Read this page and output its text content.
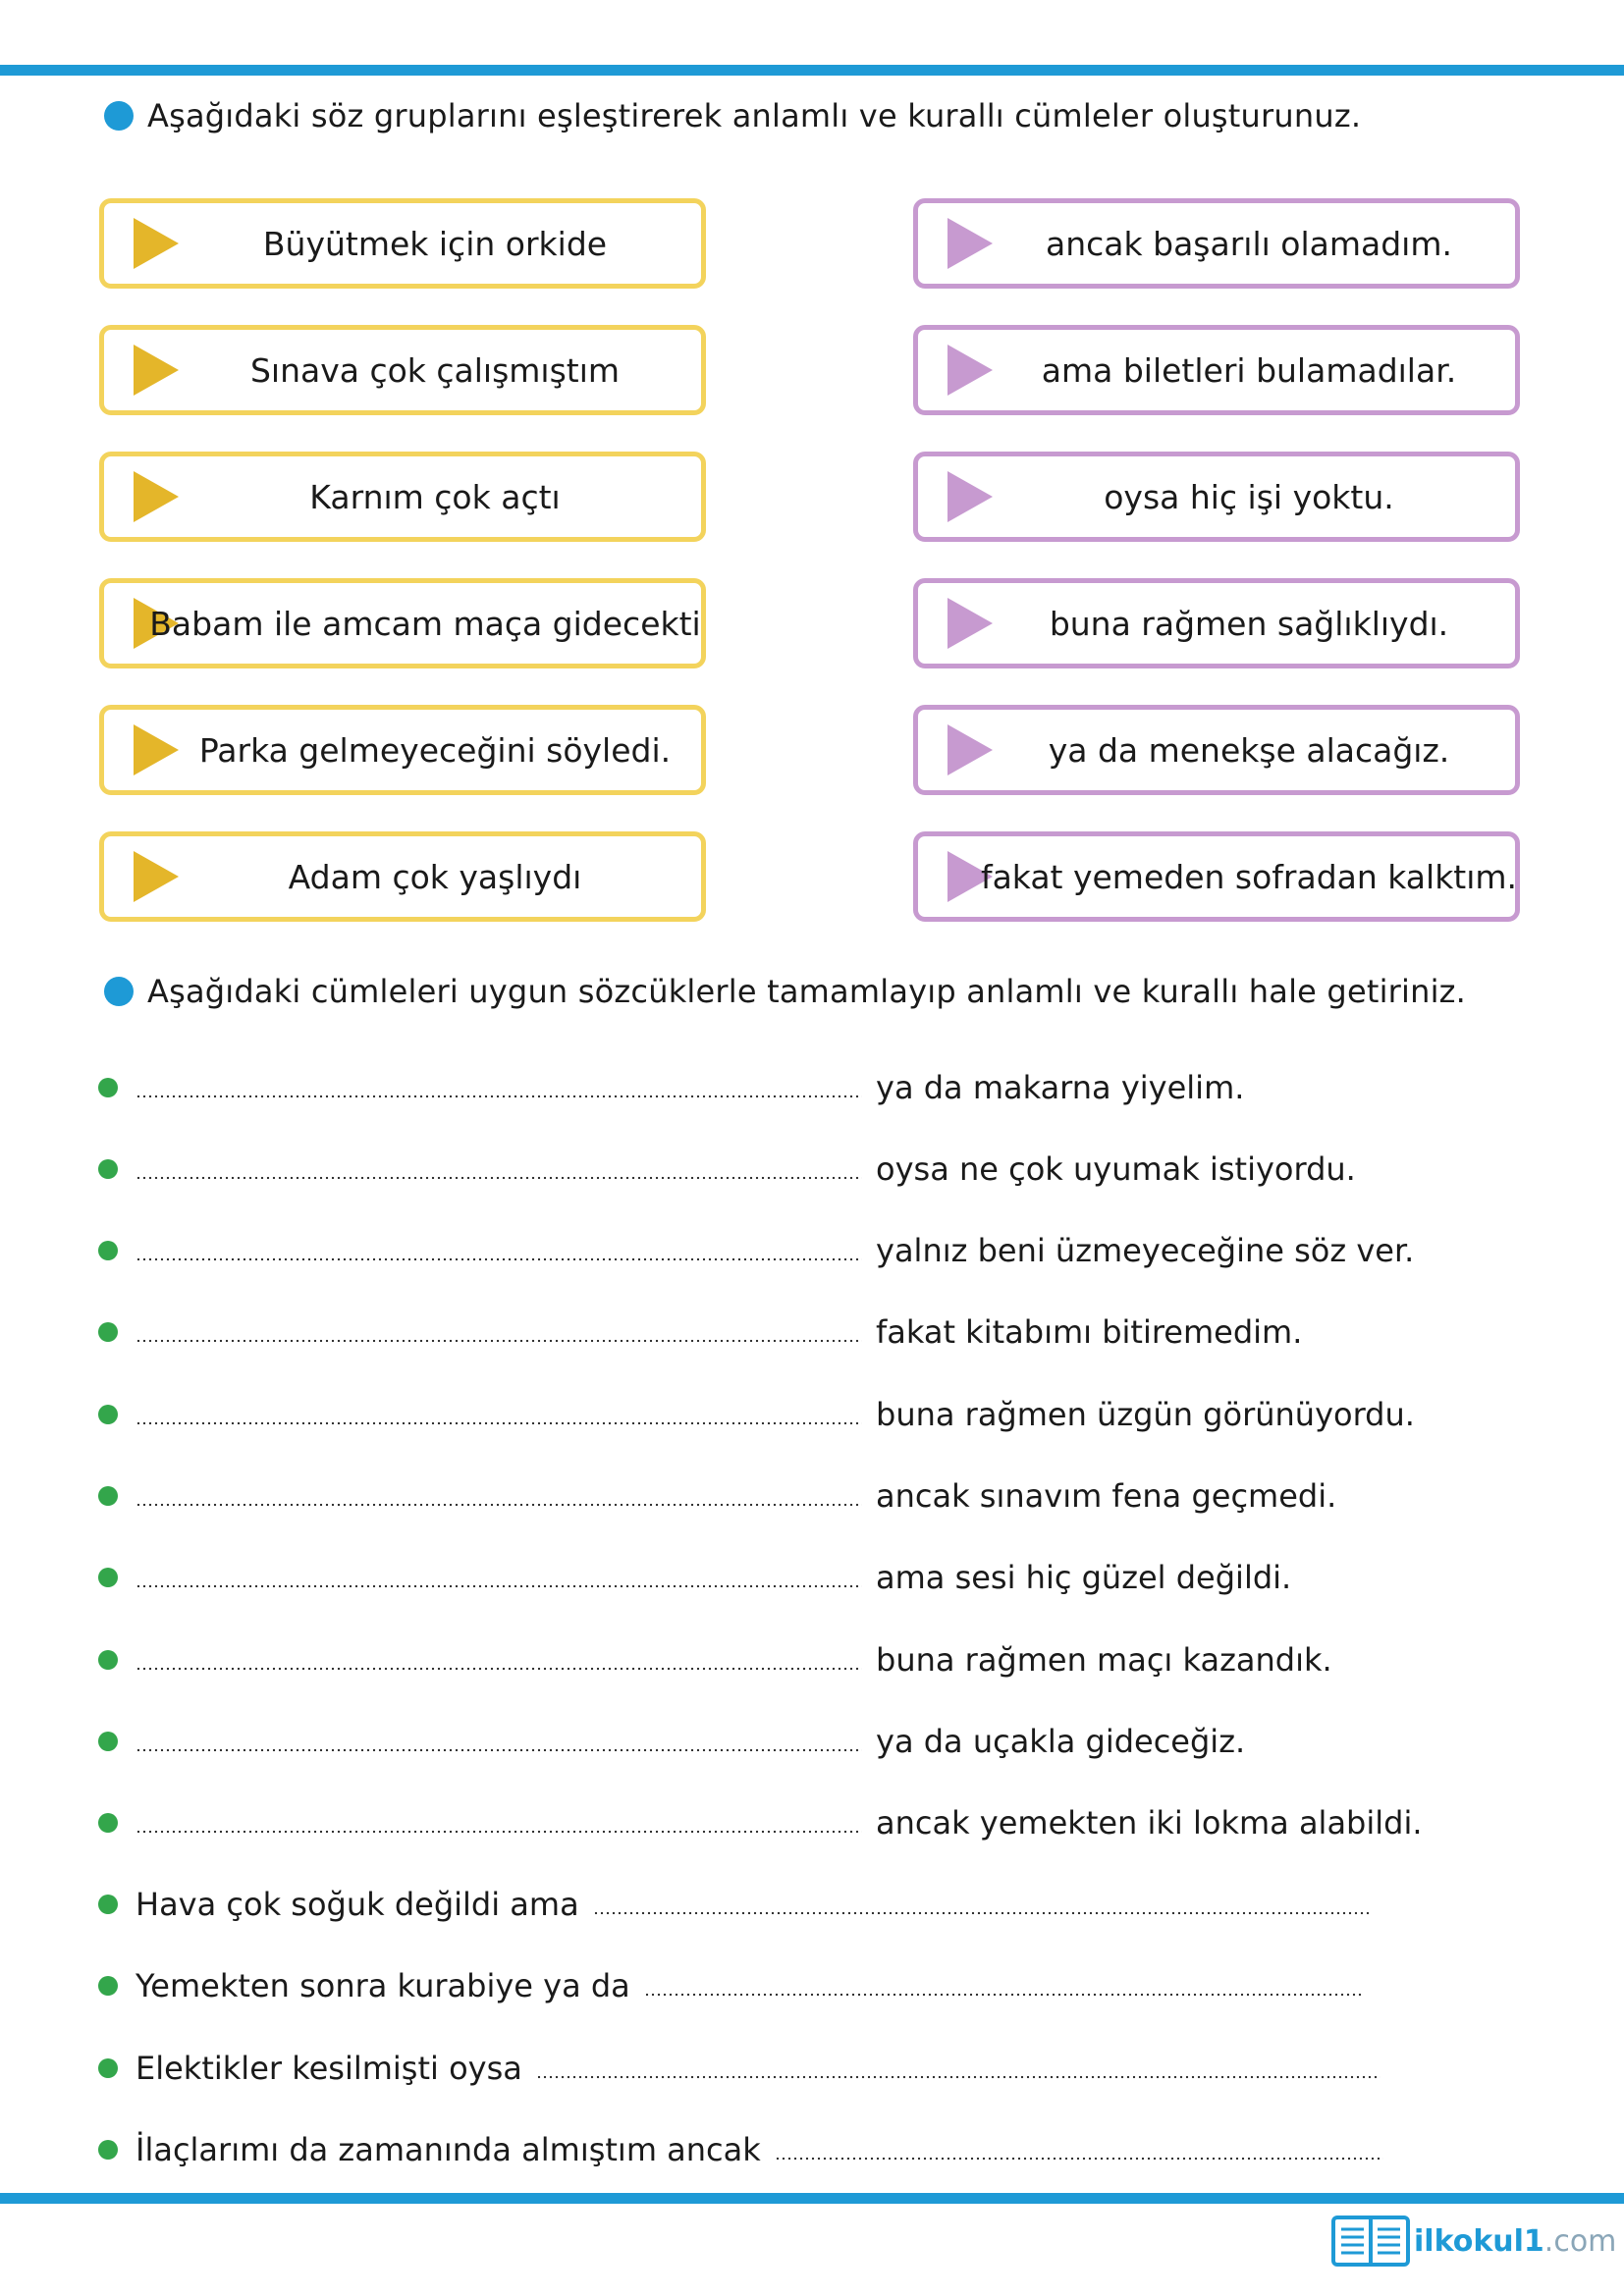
Aşağıdaki söz gruplarını eşleştirerek anlamlı ve kurallı cümleler oluşturunuz.
Büyütmek için orkide
Sınava çok çalışmıştım
Karnım çok açtı
Babam ile amcam maça gidecekti
Parka gelmeyeceğini söyledi.
Adam çok yaşlıydı
ancak başarılı olamadım.
ama biletleri bulamadılar.
oysa hiç işi yoktu.
buna rağmen sağlıklıydı.
ya da menekşe alacağız.
fakat yemeden sofradan kalktım.
Aşağıdaki cümleleri uygun sözcüklerle tamamlayıp anlamlı ve kurallı hale getiriniz.
ya da makarna yiyelim.
oysa ne çok uyumak istiyordu.
yalnız beni üzmeyeceğine söz ver.
fakat kitabımı bitiremedim.
buna rağmen üzgün görünüyordu.
ancak sınavım fena geçmedi.
ama sesi hiç güzel değildi.
buna rağmen maçı kazandık.
ya da uçakla gideceğiz.
ancak yemekten iki lokma alabildi.
Hava çok soğuk değildi ama
Yemekten sonra kurabiye ya da
Elektikler kesilmişti oysa
İlaçlarımı da zamanında almıştım ancak
ilkokul1 .com
